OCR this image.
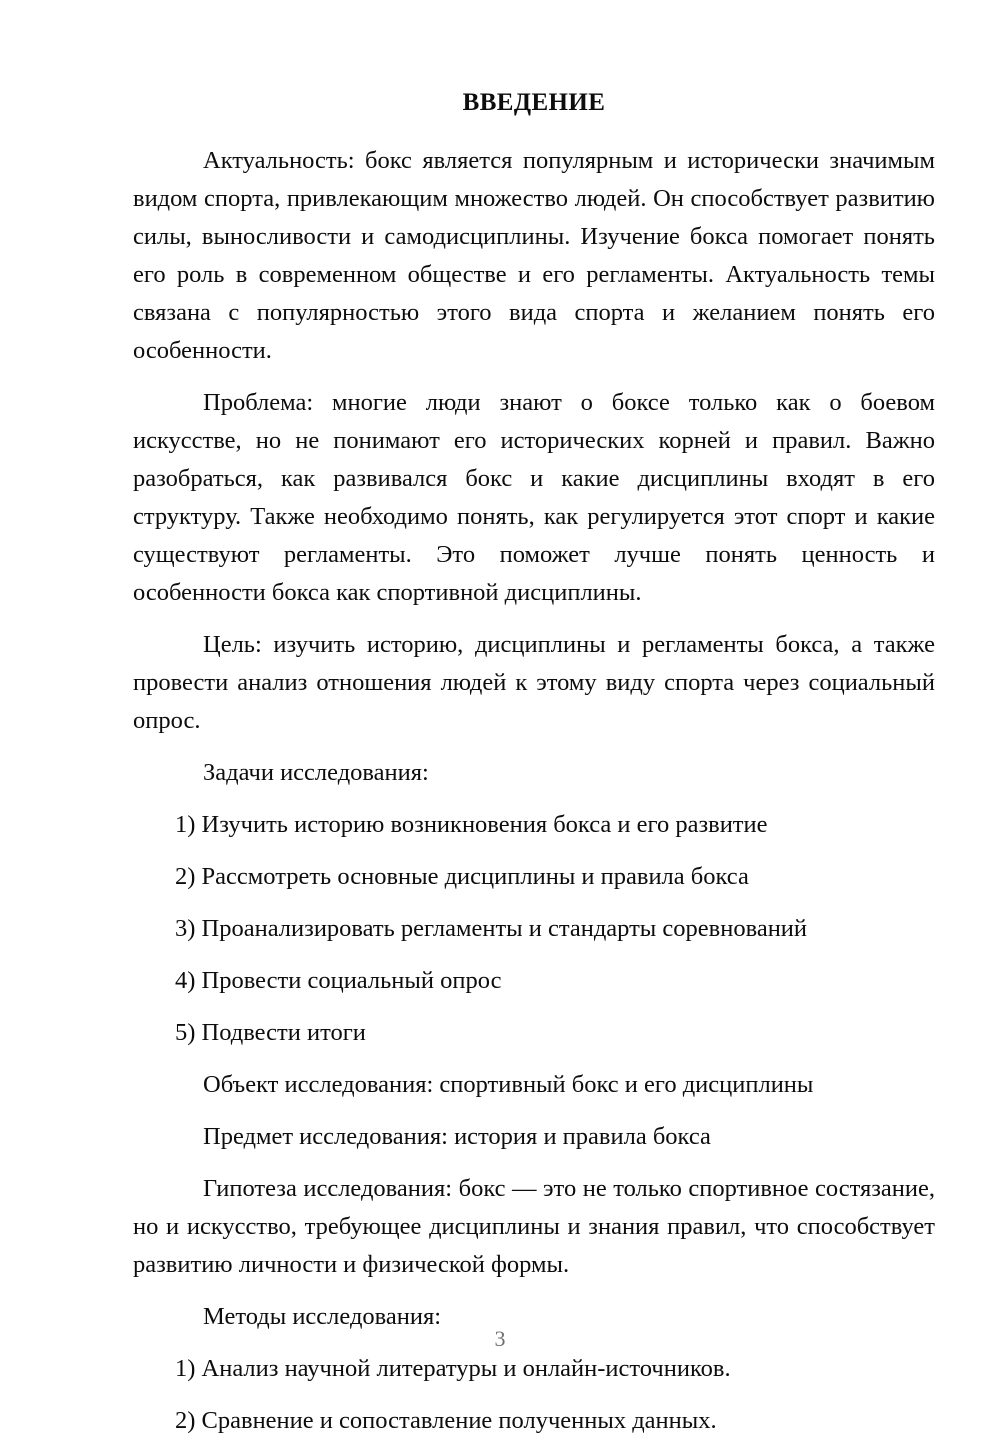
ВВЕДЕНИЕ

Актуальность: бокс является популярным и исторически значимым видом спорта, привлекающим множество людей. Он способствует развитию силы, выносливости и самодисциплины. Изучение бокса помогает понять его роль в современном обществе и его регламенты. Актуальность темы связана с популярностью этого вида спорта и желанием понять его особенности.

Проблема: многие люди знают о боксе только как о боевом искусстве, но не понимают его исторических корней и правил. Важно разобраться, как развивался бокс и какие дисциплины входят в его структуру. Также необходимо понять, как регулируется этот спорт и какие существуют регламенты. Это поможет лучше понять ценность и особенности бокса как спортивной дисциплины.

Цель: изучить историю, дисциплины и регламенты бокса, а также провести анализ отношения людей к этому виду спорта через социальный опрос.

Задачи исследования:

1) Изучить историю возникновения бокса и его развитие
2) Рассмотреть основные дисциплины и правила бокса
3) Проанализировать регламенты и стандарты соревнований
4) Провести социальный опрос
5) Подвести итоги

Объект исследования: спортивный бокс и его дисциплины

Предмет исследования: история и правила бокса

Гипотеза исследования: бокс — это не только спортивное состязание, но и искусство, требующее дисциплины и знания правил, что способствует развитию личности и физической формы.

Методы исследования:

1) Анализ научной литературы и онлайн-источников.
2) Сравнение и сопоставление полученных данных.
3
